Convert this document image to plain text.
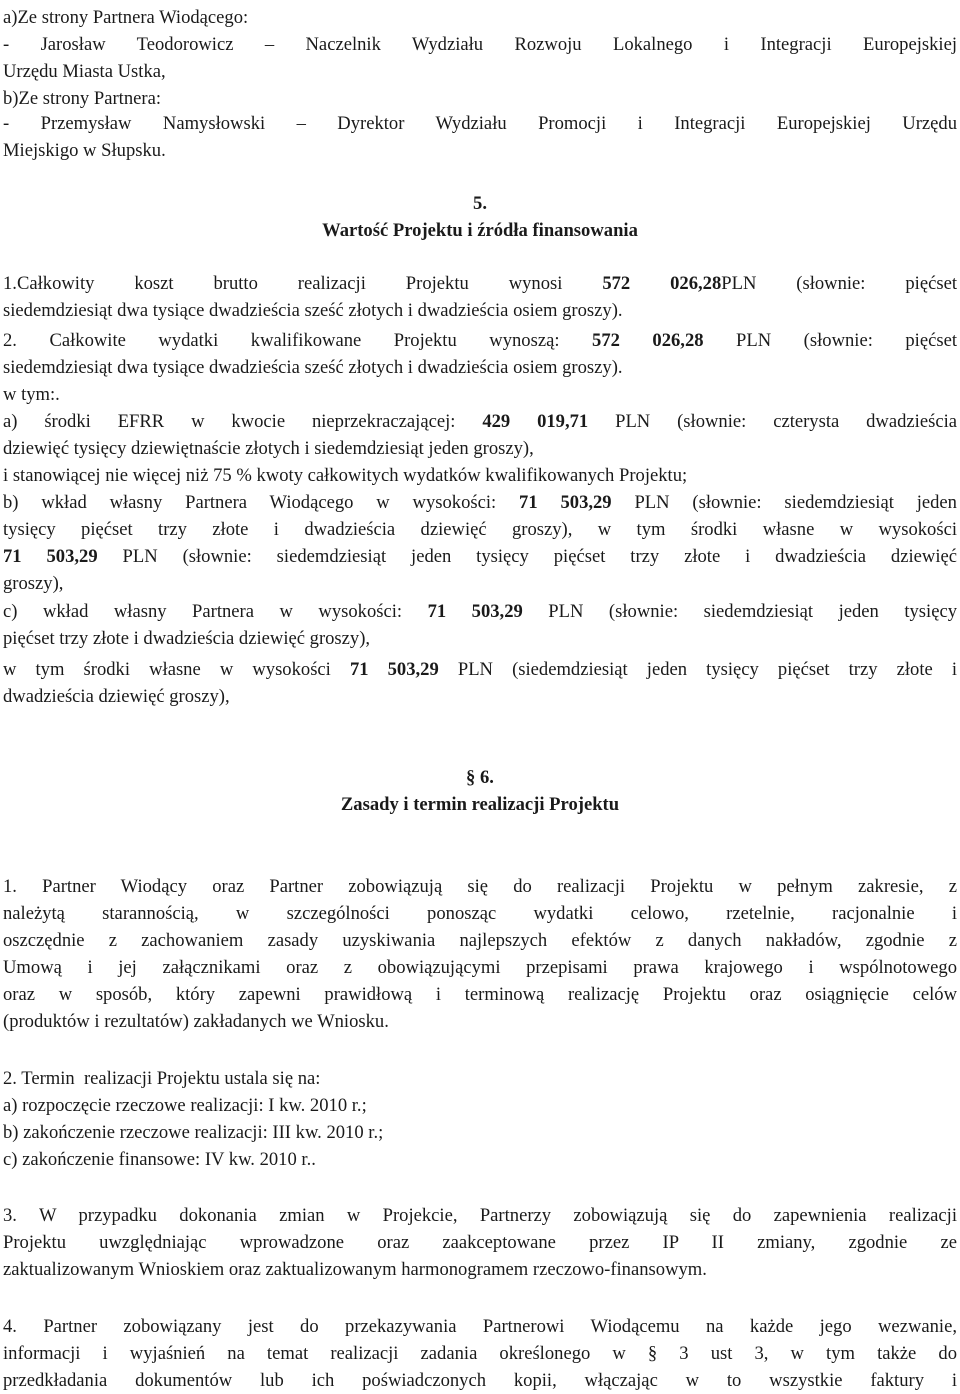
a)Ze strony Partnera Wiodącego:
- Jarosław Teodorowicz – Naczelnik Wydziału Rozwoju Lokalnego i Integracji Europejskiej
Urzędu Miasta Ustka,
b)Ze strony Partnera:
- Przemysław Namysłowski – Dyrektor Wydziału Promocji i Integracji Europejskiej Urzędu
Miejskigo w Słupsku.
5.
Wartość Projektu i źródła finansowania
1.Całkowity koszt brutto realizacji Projektu wynosi 572 026,28PLN (słownie: pięćset
siedemdziesiąt dwa tysiące dwadzieścia sześć złotych i dwadzieścia osiem groszy).
2. Całkowite wydatki kwalifikowane Projektu wynoszą: 572 026,28 PLN (słownie: pięćset
siedemdziesiąt dwa tysiące dwadzieścia sześć złotych i dwadzieścia osiem groszy).
w tym:.
a) środki EFRR w kwocie nieprzekraczającej: 429 019,71 PLN (słownie: czterysta dwadzieścia
dziewięć tysięcy dziewiętnaście złotych i siedemdziesiąt jeden groszy),
i stanowiącej nie więcej niż 75 % kwoty całkowitych wydatków kwalifikowanych Projektu;
b) wkład własny Partnera Wiodącego w wysokości: 71 503,29 PLN (słownie: siedemdziesiąt jeden
tysięcy pięćset trzy złote i dwadzieścia dziewięć groszy), w tym środki własne w wysokości
71 503,29 PLN (słownie: siedemdziesiąt jeden tysięcy pięćset trzy złote i dwadzieścia dziewięć
groszy),
c) wkład własny Partnera w wysokości: 71 503,29 PLN (słownie: siedemdziesiąt jeden tysięcy
pięćset trzy złote i dwadzieścia dziewięć groszy),
w tym środki własne w wysokości 71 503,29 PLN (siedemdziesiąt jeden tysięcy pięćset trzy złote i
dwadzieścia dziewięć groszy),
§ 6.
Zasady i termin realizacji Projektu
1. Partner Wiodący oraz Partner zobowiązują się do realizacji Projektu w pełnym zakresie, z
należytą starannością, w szczególności ponosząc wydatki celowo, rzetelnie, racjonalnie i
oszczędnie z zachowaniem zasady uzyskiwania najlepszych efektów z danych nakładów, zgodnie z
Umową i jej załącznikami oraz z obowiązującymi przepisami prawa krajowego i wspólnotowego
oraz w sposób, który zapewni prawidłową i terminową realizację Projektu oraz osiągnięcie celów
(produktów i rezultatów) zakładanych we Wniosku.
2. Termin  realizacji Projektu ustala się na:
a) rozpoczęcie rzeczowe realizacji: I kw. 2010 r.;
b) zakończenie rzeczowe realizacji: III kw. 2010 r.;
c) zakończenie finansowe: IV kw. 2010 r..
3. W przypadku dokonania zmian w Projekcie, Partnerzy zobowiązują się do zapewnienia realizacji
Projektu uwzględniając wprowadzone oraz zaakceptowane przez IP II zmiany, zgodnie ze
zaktualizowanym Wnioskiem oraz zaktualizowanym harmonogramem rzeczowo-finansowym.
4. Partner zobowiązany jest do przekazywania Partnerowi Wiodącemu na każde jego wezwanie,
informacji i wyjaśnień na temat realizacji zadania określonego w § 3 ust 3, w tym także do
przedkładania dokumentów lub ich poświadczonych kopii, włączając w to wszystkie faktury i
